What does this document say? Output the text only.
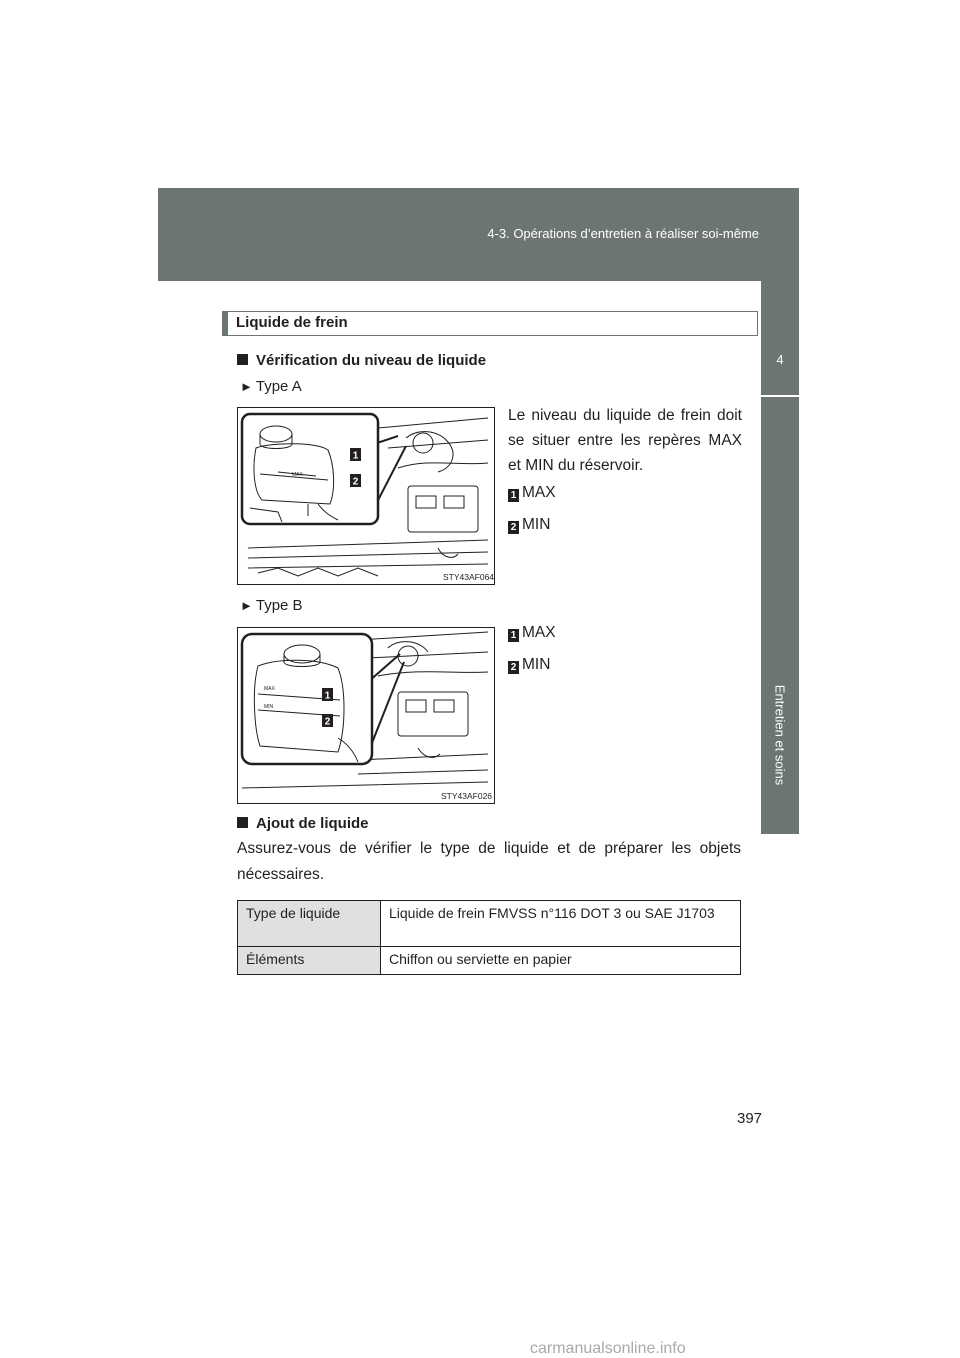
4-3. Opérations d’entretien à réaliser soi-même
4
Entretien et soins
Liquide de frein
Vérification du niveau de liquide
► Type A
MAX
1
2
STY43AF064
Le niveau du liquide de frein doit se situer entre les repères MAX et MIN du réservoir.
1 MAX
2 MIN
► Type B
MAX
MIN
1
2
STY43AF026
1 MAX
2 MIN
Ajout de liquide
Assurez-vous de vérifier le type de liquide et de préparer les objets nécessaires.
Type de liquide	Liquide de frein FMVSS n°116 DOT 3 ou SAE J1703
Éléments	Chiffon ou serviette en papier
397
carmanualsonline.info
